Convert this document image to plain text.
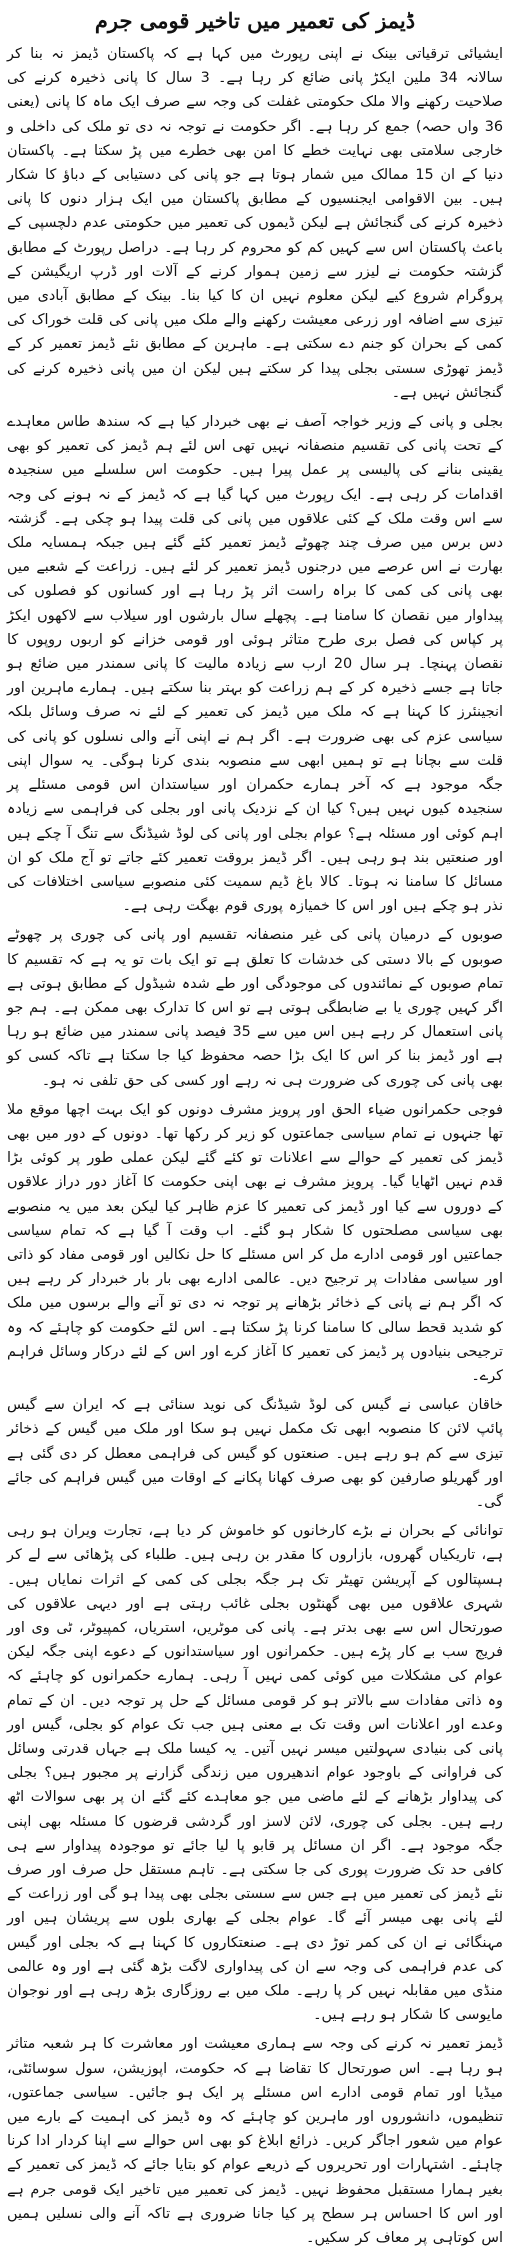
ڈیمز کی تعمیر میں تاخیر قومی جرم

ایشیائی ترقیاتی بینک نے اپنی رپورٹ میں کہا ہے کہ پاکستان ڈیمز نہ بنا کر سالانہ 34 ملین ایکڑ پانی ضائع کر رہا ہے۔ 3 سال کا پانی ذخیرہ کرنے کی صلاحیت رکھنے والا ملک حکومتی غفلت کی وجہ سے صرف ایک ماہ کا پانی (یعنی 36 واں حصہ) جمع کر رہا ہے۔ اگر حکومت نے توجہ نہ دی تو ملک کی داخلی و خارجی سلامتی بھی نہایت خطے کا امن بھی خطرے میں پڑ سکتا ہے۔ پاکستان دنیا کے ان 15 ممالک میں شمار ہوتا ہے جو پانی کی دستیابی کے دباؤ کا شکار ہیں۔ بین الاقوامی ایجنسیوں کے مطابق پاکستان میں ایک ہزار دنوں کا پانی ذخیرہ کرنے کی گنجائش ہے لیکن ڈیموں کی تعمیر میں حکومتی عدم دلچسپی کے باعث پاکستان اس سے کہیں کم کو محروم کر رہا ہے۔ دراصل رپورٹ کے مطابق گزشتہ حکومت نے لیزر سے زمین ہموار کرنے کے آلات اور ڈرپ اریگیشن کے پروگرام شروع کیے لیکن معلوم نہیں ان کا کیا بنا۔ بینک کے مطابق آبادی میں تیزی سے اضافہ اور زرعی معیشت رکھنے والے ملک میں پانی کی قلت خوراک کی کمی کے بحران کو جنم دے سکتی ہے۔ ماہرین کے مطابق نئے ڈیمز تعمیر کر کے ڈیمز تھوڑی سستی بجلی پیدا کر سکتے ہیں لیکن ان میں پانی ذخیرہ کرنے کی گنجائش نہیں ہے۔

بجلی و پانی کے وزیر خواجہ آصف نے بھی خبردار کیا ہے کہ سندھ طاس معاہدے کے تحت پانی کی تقسیم منصفانہ نہیں تھی اس لئے ہم ڈیمز کی تعمیر کو بھی یقینی بنانے کی پالیسی پر عمل پیرا ہیں۔ حکومت اس سلسلے میں سنجیدہ اقدامات کر رہی ہے۔ ایک رپورٹ میں کہا گیا ہے کہ ڈیمز کے نہ ہونے کی وجہ سے اس وقت ملک کے کئی علاقوں میں پانی کی قلت پیدا ہو چکی ہے۔ گزشتہ دس برس میں صرف چند چھوٹے ڈیمز تعمیر کئے گئے ہیں جبکہ ہمسایہ ملک بھارت نے اس عرصے میں درجنوں ڈیمز تعمیر کر لئے ہیں۔ زراعت کے شعبے میں بھی پانی کی کمی کا براہ راست اثر پڑ رہا ہے اور کسانوں کو فصلوں کی پیداوار میں نقصان کا سامنا ہے۔ پچھلے سال بارشوں اور سیلاب سے لاکھوں ایکڑ پر کپاس کی فصل بری طرح متاثر ہوئی اور قومی خزانے کو اربوں روپوں کا نقصان پہنچا۔ ہر سال 20 ارب سے زیادہ مالیت کا پانی سمندر میں ضائع ہو جاتا ہے جسے ذخیرہ کر کے ہم زراعت کو بہتر بنا سکتے ہیں۔ ہمارے ماہرین اور انجینئرز کا کہنا ہے کہ ملک میں ڈیمز کی تعمیر کے لئے نہ صرف وسائل بلکہ سیاسی عزم کی بھی ضرورت ہے۔ اگر ہم نے اپنی آنے والی نسلوں کو پانی کی قلت سے بچانا ہے تو ہمیں ابھی سے منصوبہ بندی کرنا ہوگی۔ یہ سوال اپنی جگہ موجود ہے کہ آخر ہمارے حکمران اور سیاستدان اس قومی مسئلے پر سنجیدہ کیوں نہیں ہیں؟ کیا ان کے نزدیک پانی اور بجلی کی فراہمی سے زیادہ اہم کوئی اور مسئلہ ہے؟ عوام بجلی اور پانی کی لوڈ شیڈنگ سے تنگ آ چکے ہیں اور صنعتیں بند ہو رہی ہیں۔ اگر ڈیمز بروقت تعمیر کئے جاتے تو آج ملک کو ان مسائل کا سامنا نہ ہوتا۔ کالا باغ ڈیم سمیت کئی منصوبے سیاسی اختلافات کی نذر ہو چکے ہیں اور اس کا خمیازہ پوری قوم بھگت رہی ہے۔

صوبوں کے درمیان پانی کی غیر منصفانہ تقسیم اور پانی کی چوری پر چھوٹے صوبوں کے بالا دستی کی خدشات کا تعلق ہے تو ایک بات تو یہ ہے کہ تقسیم کا تمام صوبوں کے نمائندوں کی موجودگی اور طے شدہ شیڈول کے مطابق ہوتی ہے اگر کہیں چوری یا بے ضابطگی ہوتی ہے تو اس کا تدارک بھی ممکن ہے۔ ہم جو پانی استعمال کر رہے ہیں اس میں سے 35 فیصد پانی سمندر میں ضائع ہو رہا ہے اور ڈیمز بنا کر اس کا ایک بڑا حصہ محفوظ کیا جا سکتا ہے تاکہ کسی کو بھی پانی کی چوری کی ضرورت ہی نہ رہے اور کسی کی حق تلفی نہ ہو۔

فوجی حکمرانوں ضیاء الحق اور پرویز مشرف دونوں کو ایک بہت اچھا موقع ملا تھا جنہوں نے تمام سیاسی جماعتوں کو زیر کر رکھا تھا۔ دونوں کے دور میں بھی ڈیمز کی تعمیر کے حوالے سے اعلانات تو کئے گئے لیکن عملی طور پر کوئی بڑا قدم نہیں اٹھایا گیا۔ پرویز مشرف نے بھی اپنی حکومت کا آغاز دور دراز علاقوں کے دوروں سے کیا اور ڈیمز کی تعمیر کا عزم ظاہر کیا لیکن بعد میں یہ منصوبے بھی سیاسی مصلحتوں کا شکار ہو گئے۔ اب وقت آ گیا ہے کہ تمام سیاسی جماعتیں اور قومی ادارے مل کر اس مسئلے کا حل نکالیں اور قومی مفاد کو ذاتی اور سیاسی مفادات پر ترجیح دیں۔ عالمی ادارے بھی بار بار خبردار کر رہے ہیں کہ اگر ہم نے پانی کے ذخائر بڑھانے پر توجہ نہ دی تو آنے والے برسوں میں ملک کو شدید قحط سالی کا سامنا کرنا پڑ سکتا ہے۔ اس لئے حکومت کو چاہئے کہ وہ ترجیحی بنیادوں پر ڈیمز کی تعمیر کا آغاز کرے اور اس کے لئے درکار وسائل فراہم کرے۔

خاقان عباسی نے گیس کی لوڈ شیڈنگ کی نوید سنائی ہے کہ ایران سے گیس پائپ لائن کا منصوبہ ابھی تک مکمل نہیں ہو سکا اور ملک میں گیس کے ذخائر تیزی سے کم ہو رہے ہیں۔ صنعتوں کو گیس کی فراہمی معطل کر دی گئی ہے اور گھریلو صارفین کو بھی صرف کھانا پکانے کے اوقات میں گیس فراہم کی جائے گی۔

توانائی کے بحران نے بڑے کارخانوں کو خاموش کر دیا ہے، تجارت ویران ہو رہی ہے، تاریکیاں گھروں، بازاروں کا مقدر بن رہی ہیں۔ طلباء کی پڑھائی سے لے کر ہسپتالوں کے آپریشن تھیٹر تک ہر جگہ بجلی کی کمی کے اثرات نمایاں ہیں۔ شہری علاقوں میں بھی گھنٹوں بجلی غائب رہتی ہے اور دیہی علاقوں کی صورتحال اس سے بھی بدتر ہے۔ پانی کی موٹریں، استریاں، کمپیوٹر، ٹی وی اور فریج سب بے کار پڑے ہیں۔ حکمرانوں اور سیاستدانوں کے دعوے اپنی جگہ لیکن عوام کی مشکلات میں کوئی کمی نہیں آ رہی۔ ہمارے حکمرانوں کو چاہئے کہ وہ ذاتی مفادات سے بالاتر ہو کر قومی مسائل کے حل پر توجہ دیں۔ ان کے تمام وعدے اور اعلانات اس وقت تک بے معنی ہیں جب تک عوام کو بجلی، گیس اور پانی کی بنیادی سہولتیں میسر نہیں آتیں۔ یہ کیسا ملک ہے جہاں قدرتی وسائل کی فراوانی کے باوجود عوام اندھیروں میں زندگی گزارنے پر مجبور ہیں؟ بجلی کی پیداوار بڑھانے کے لئے ماضی میں جو معاہدے کئے گئے ان پر بھی سوالات اٹھ رہے ہیں۔ بجلی کی چوری، لائن لاسز اور گردشی قرضوں کا مسئلہ بھی اپنی جگہ موجود ہے۔ اگر ان مسائل پر قابو پا لیا جائے تو موجودہ پیداوار سے ہی کافی حد تک ضرورت پوری کی جا سکتی ہے۔ تاہم مستقل حل صرف اور صرف نئے ڈیمز کی تعمیر میں ہے جس سے سستی بجلی بھی پیدا ہو گی اور زراعت کے لئے پانی بھی میسر آئے گا۔ عوام بجلی کے بھاری بلوں سے پریشان ہیں اور مہنگائی نے ان کی کمر توڑ دی ہے۔ صنعتکاروں کا کہنا ہے کہ بجلی اور گیس کی عدم فراہمی کی وجہ سے ان کی پیداواری لاگت بڑھ گئی ہے اور وہ عالمی منڈی میں مقابلہ نہیں کر پا رہے۔ ملک میں بے روزگاری بڑھ رہی ہے اور نوجوان مایوسی کا شکار ہو رہے ہیں۔

ڈیمز تعمیر نہ کرنے کی وجہ سے ہماری معیشت اور معاشرت کا ہر شعبہ متاثر ہو رہا ہے۔ اس صورتحال کا تقاضا ہے کہ حکومت، اپوزیشن، سول سوسائٹی، میڈیا اور تمام قومی ادارے اس مسئلے پر ایک ہو جائیں۔ سیاسی جماعتوں، تنظیموں، دانشوروں اور ماہرین کو چاہئے کہ وہ ڈیمز کی اہمیت کے بارے میں عوام میں شعور اجاگر کریں۔ ذرائع ابلاغ کو بھی اس حوالے سے اپنا کردار ادا کرنا چاہئے۔ اشتہارات اور تحریروں کے ذریعے عوام کو بتایا جائے کہ ڈیمز کی تعمیر کے بغیر ہمارا مستقبل محفوظ نہیں۔ ڈیمز کی تعمیر میں تاخیر ایک قومی جرم ہے اور اس کا احساس ہر سطح پر کیا جانا ضروری ہے تاکہ آنے والی نسلیں ہمیں اس کوتاہی پر معاف کر سکیں۔
